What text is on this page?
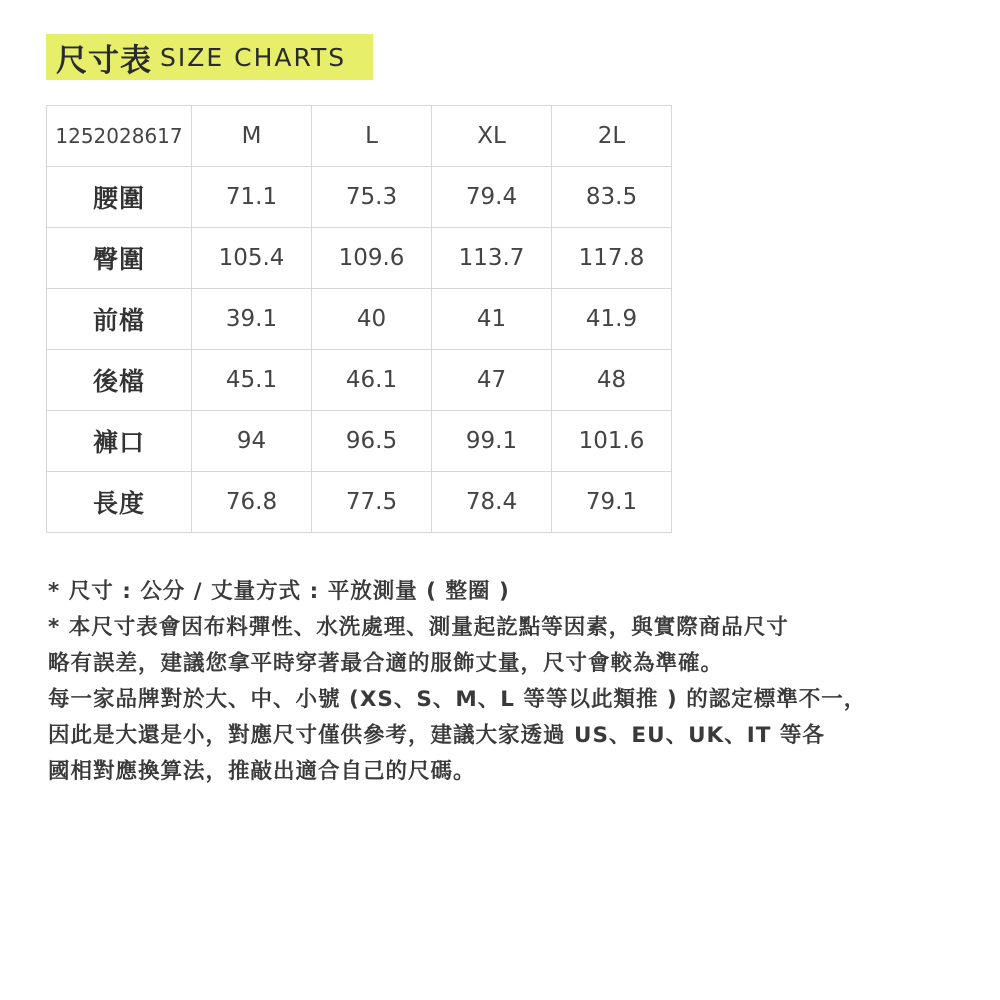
尺寸表 SIZE CHARTS
1252028617	M	L	XL	2L
腰圍	71.1	75.3	79.4	83.5
臀圍	105.4	109.6	113.7	117.8
前檔	39.1	40	41	41.9
後檔	45.1	46.1	47	48
褲口	94	96.5	99.1	101.6
長度	76.8	77.5	78.4	79.1

* 尺寸 : 公分 / 丈量方式 : 平放測量 ( 整圈 )

* 本尺寸表會因布料彈性、水洗處理、測量起訖點等因素，與實際商品尺寸

略有誤差，建議您拿平時穿著最合適的服飾丈量，尺寸會較為準確。

每一家品牌對於大、中、小號 (XS、S、M、L 等等以此類推 ) 的認定標準不一，

因此是大還是小，對應尺寸僅供參考，建議大家透過 US、EU、UK、IT 等各

國相對應換算法，推敲出適合自己的尺碼。
